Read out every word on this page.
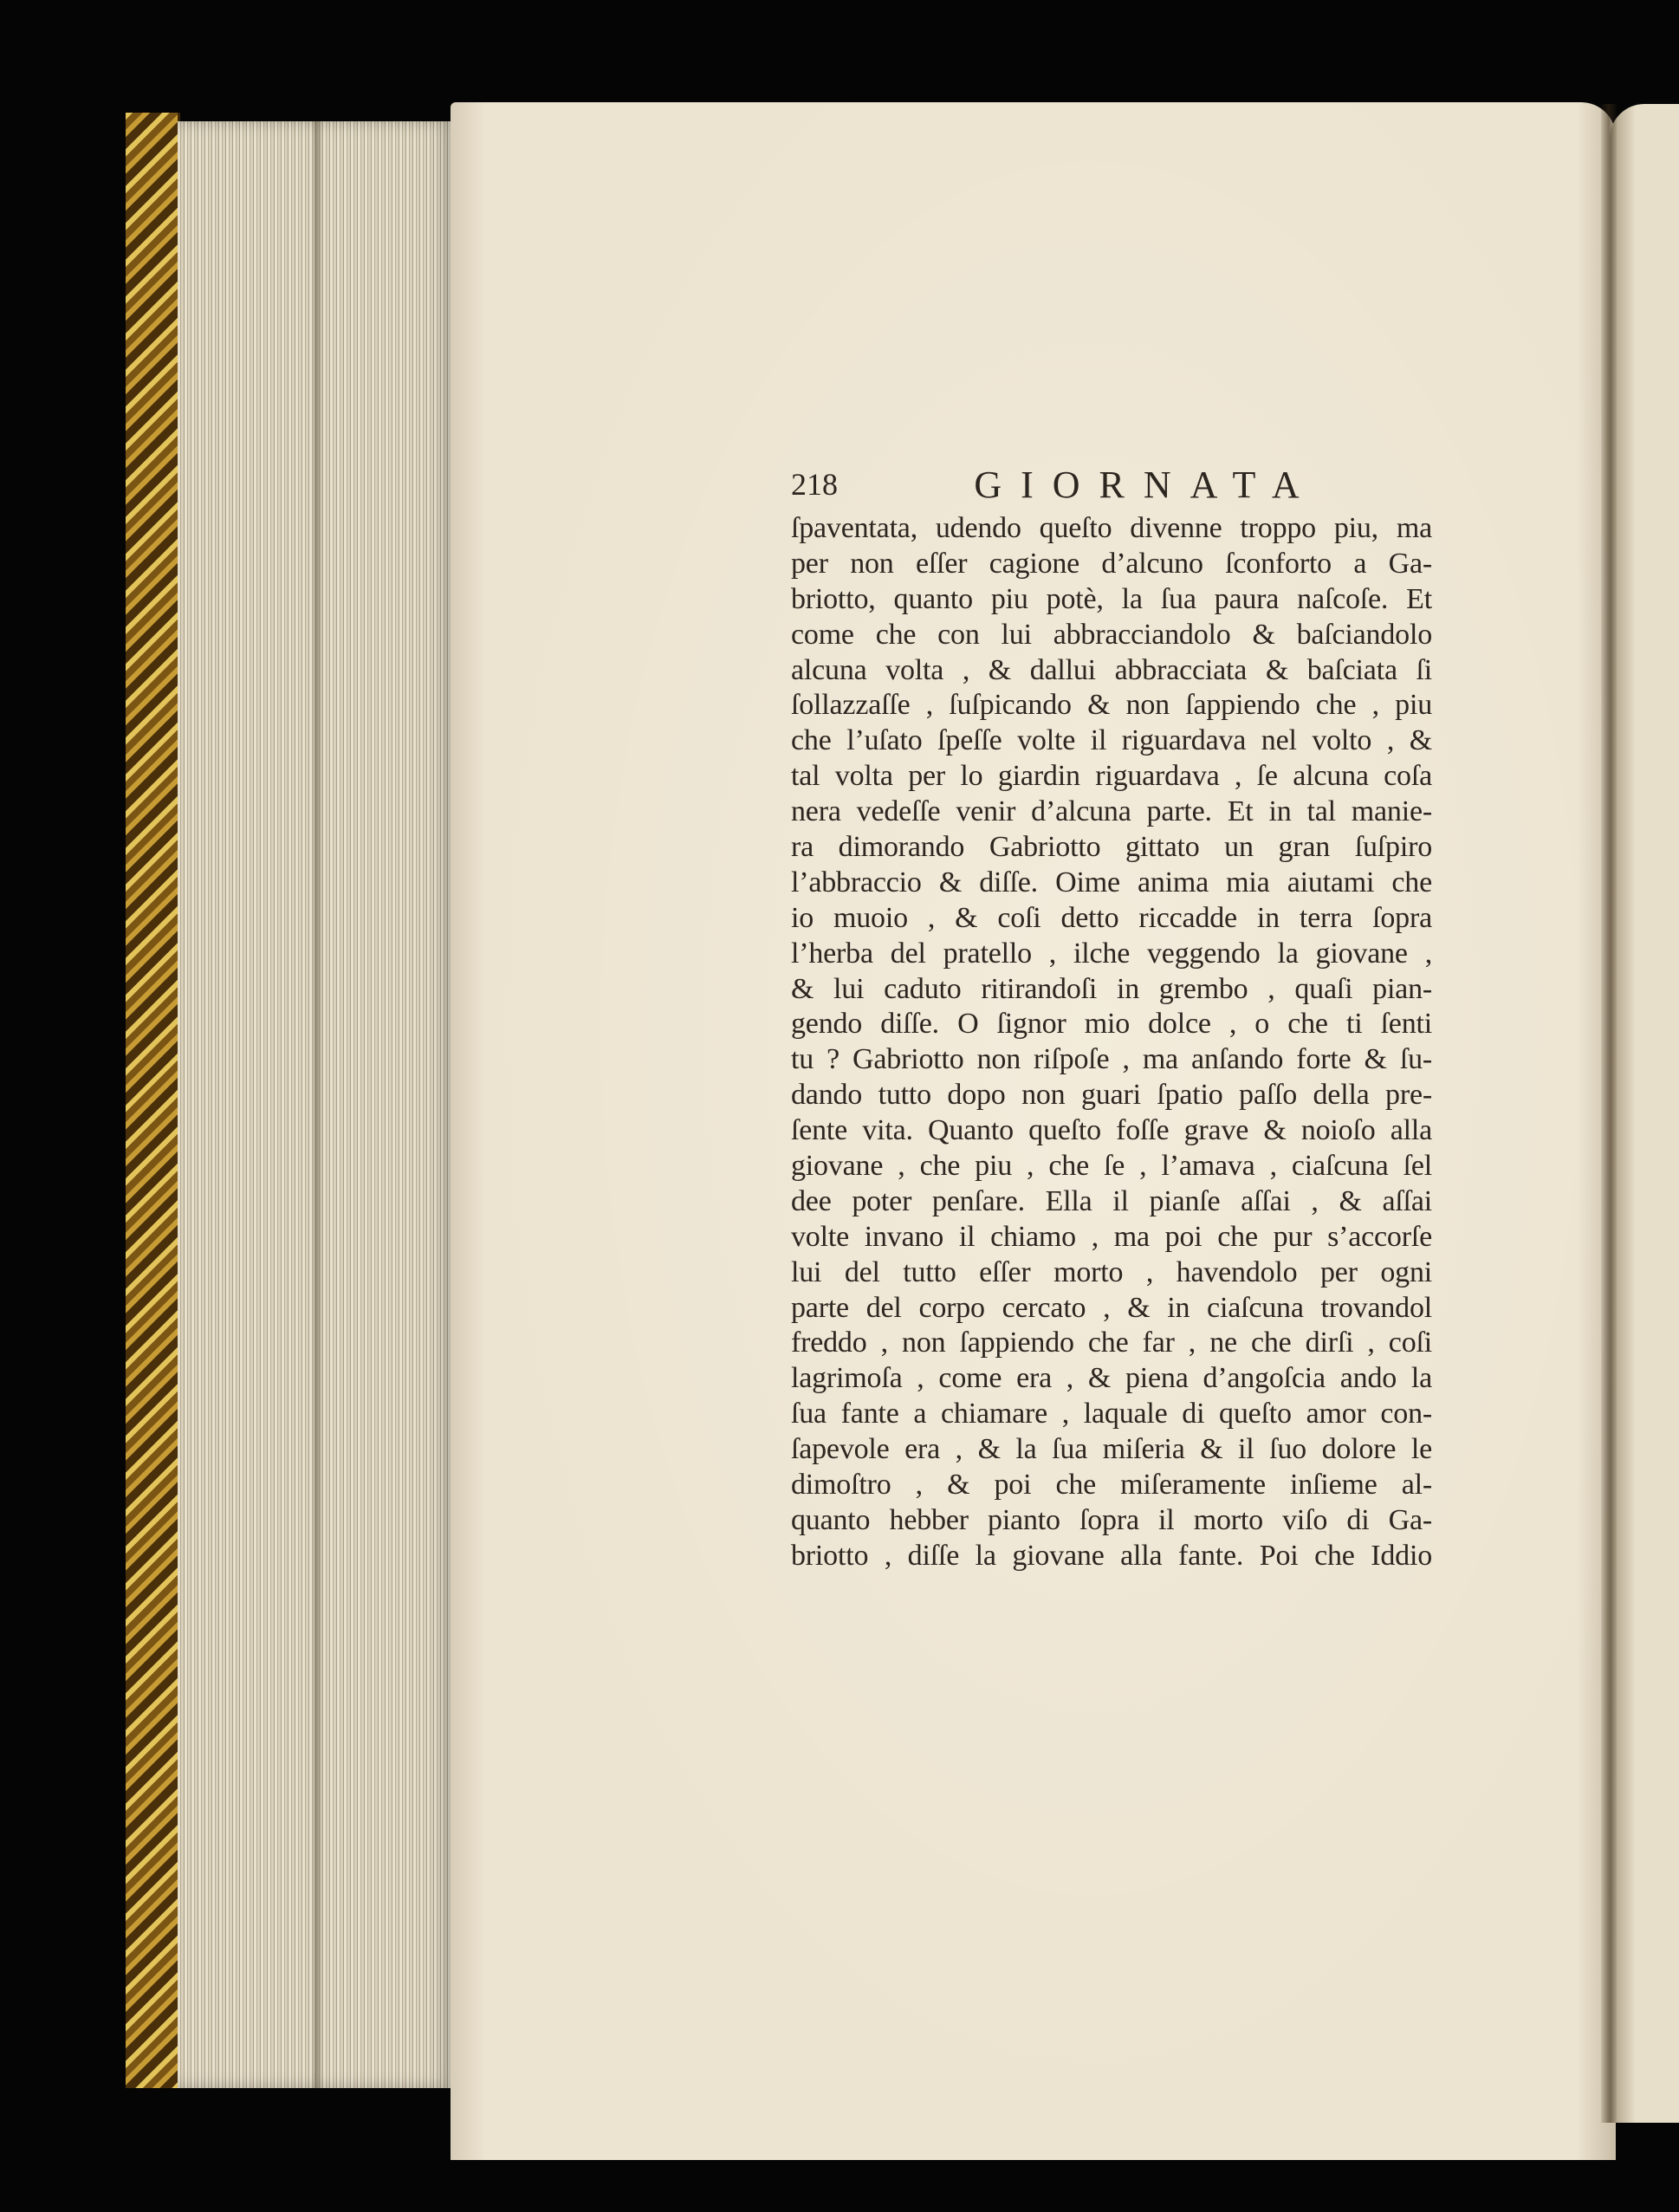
218	GIORNATA
ſpaventata, udendo queſto divenne troppo piu, ma
per non eſſer cagione d’alcuno ſconforto a Ga-
briotto, quanto piu potè, la ſua paura naſcoſe. Et
come che con lui abbracciandolo & baſciandolo
alcuna volta , & dallui abbracciata & baſciata ſi
ſollazzaſſe , ſuſpicando & non ſappiendo che , piu
che l’uſato ſpeſſe volte il riguardava nel volto , &
tal volta per lo giardin riguardava , ſe alcuna coſa
nera vedeſſe venir d’alcuna parte. Et in tal manie-
ra dimorando Gabriotto gittato un gran ſuſpiro
l’abbraccio & diſſe. Oime anima mia aiutami che
io muoio , & coſi detto riccadde in terra ſopra
l’herba del pratello , ilche veggendo la giovane ,
& lui caduto ritirandoſi in grembo , quaſi pian-
gendo diſſe. O ſignor mio dolce , o che ti ſenti
tu ? Gabriotto non riſpoſe , ma anſando forte & ſu-
dando tutto dopo non guari ſpatio paſſo della pre-
ſente vita. Quanto queſto foſſe grave & noioſo alla
giovane , che piu , che ſe , l’amava , ciaſcuna ſel
dee poter penſare. Ella il pianſe aſſai , & aſſai
volte invano il chiamo , ma poi che pur s’accorſe
lui del tutto eſſer morto , havendolo per ogni
parte del corpo cercato , & in ciaſcuna trovandol
freddo , non ſappiendo che far , ne che dirſi , coſi
lagrimoſa , come era , & piena d’angoſcia ando la
ſua fante a chiamare , laquale di queſto amor con-
ſapevole era , & la ſua miſeria & il ſuo dolore le
dimoſtro , & poi che miſeramente inſieme al-
quanto hebber pianto ſopra il morto viſo di Ga-
briotto , diſſe la giovane alla fante. Poi che Iddio
